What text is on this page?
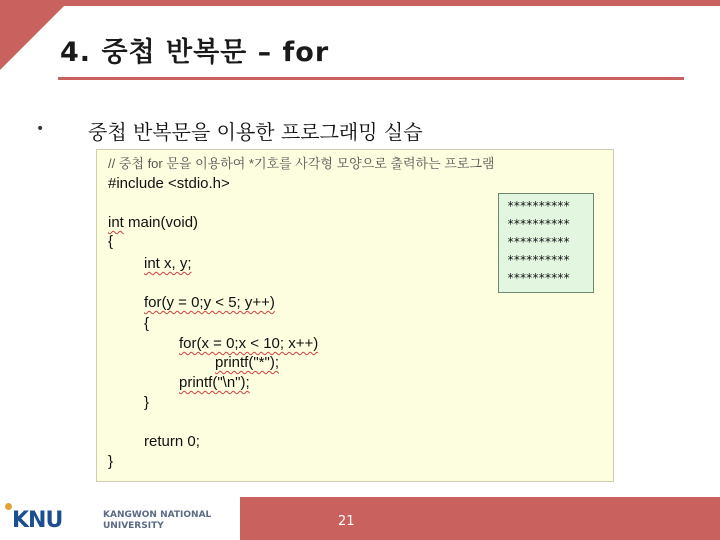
4. 중첩 반복문 – for
• 중첩 반복문을 이용한 프로그래밍 실습
// 중첩 for 문을 이용하여 *기호를 사각형 모양으로 출력하는 프로그램
#include <stdio.h>
int main(void)
{
int x, y;
for(y = 0;y < 5; y++)
{
for(x = 0;x < 10; x++)
printf("*");
printf("\n");
}
return 0;
}
**********
**********
**********
**********
**********
KNU	KANGWON NATIONAL
UNIVERSITY	21
